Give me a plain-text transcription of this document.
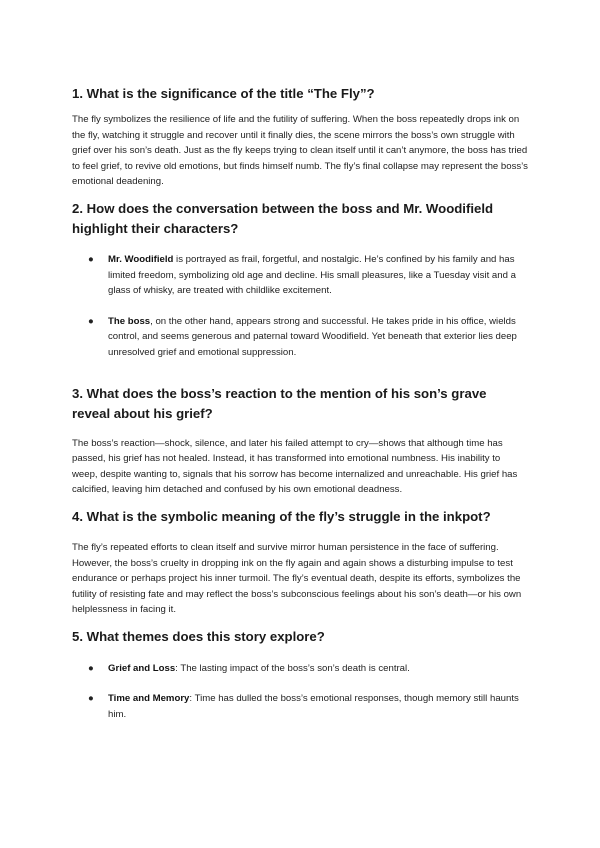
1. What is the significance of the title “The Fly”?

The fly symbolizes the resilience of life and the futility of suffering. When the boss repeatedly drops ink on the fly, watching it struggle and recover until it finally dies, the scene mirrors the boss’s own struggle with grief over his son’s death. Just as the fly keeps trying to clean itself until it can’t anymore, the boss has tried to feel grief, to revive old emotions, but finds himself numb. The fly’s final collapse may represent the boss’s emotional deadening.

2. How does the conversation between the boss and Mr. Woodifield highlight their characters?
● Mr. Woodifield is portrayed as frail, forgetful, and nostalgic. He’s confined by his family and has limited freedom, symbolizing old age and decline. His small pleasures, like a Tuesday visit and a glass of whisky, are treated with childlike excitement.
● The boss, on the other hand, appears strong and successful. He takes pride in his office, wields control, and seems generous and paternal toward Woodifield. Yet beneath that exterior lies deep unresolved grief and emotional suppression.
3. What does the boss’s reaction to the mention of his son’s grave reveal about his grief?

The boss’s reaction—shock, silence, and later his failed attempt to cry—shows that although time has passed, his grief has not healed. Instead, it has transformed into emotional numbness. His inability to weep, despite wanting to, signals that his sorrow has become internalized and unreachable. His grief has calcified, leaving him detached and confused by his own emotional deadness.

4. What is the symbolic meaning of the fly’s struggle in the inkpot?

The fly’s repeated efforts to clean itself and survive mirror human persistence in the face of suffering. However, the boss’s cruelty in dropping ink on the fly again and again shows a disturbing impulse to test endurance or perhaps project his inner turmoil. The fly’s eventual death, despite its efforts, symbolizes the futility of resisting fate and may reflect the boss’s subconscious feelings about his son’s death—or his own helplessness in facing it.

5. What themes does this story explore?
● Grief and Loss: The lasting impact of the boss’s son’s death is central.
● Time and Memory: Time has dulled the boss’s emotional responses, though memory still haunts him.
